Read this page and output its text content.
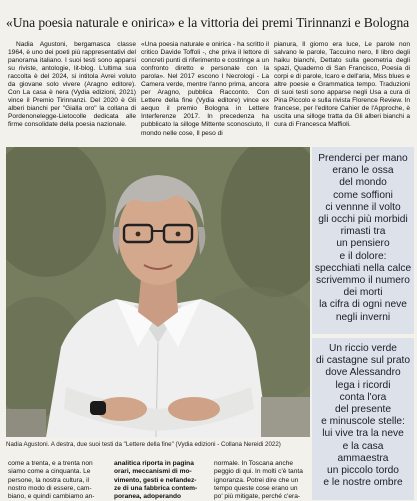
«Una poesia naturale e onirica» e la vittoria dei premi Tirinnanzi e Bologna

Nadia Agustoni, bergamasca classe 1964, è uno dei poeti più rappresentativi del panorama italiano. I suoi testi sono apparsi su riviste, antologie, lit-blog. L'ultima sua raccolta è del 2024, si intitola Avrei voluto da giovane solo vivere (Aragno editore). Con La casa è nera (Vydia edizioni, 2021) vince il Premio Tirinnanzi. Del 2020 è Gli alberi bianchi per "Gialla oro" la collana di Pordenonelegge-Lietocolle dedicata alle firme consolidate della poesia nazionale.

«Una poesia naturale e onirica - ha scritto il critico Davide Toffoli -, che priva il lettore di concreti punti di riferimento e costringe a un confronto diretto e personale con la parola». Nel 2017 escono I Necrologi - La Camera verde, mentre l'anno prima, ancora per Aragno, pubblica Racconto. Con Lettere della fine (Vydia editore) vince ex aequo il premio Bologna in Lettere Interferenze 2017. In precedenza ha pubblicato la silloge Mittente sconosciuto, Il mondo nelle cose, Il peso di

pianura, Il giorno era luce, Le parole non salvano le parole, Taccuino nero, Il libro degli haiku bianchi, Dettato sulla geometria degli spazi, Quaderno di San Francisco, Poesia di corpi e di parole, Icaro e dell'aria, Miss blues e altre poesie e Grammatica tempo. Traduzioni di suoi testi sono apparse negli Usa a cura di Pina Piccolo e sulla rivista Florence Review. In francese, per l'editore Cahier de l'Approche, è uscita una silloge tratta da Gli alberi bianchi a cura di Francesca Maffioli.

Nadia Agustoni. A destra, due suoi testi da "Lettere della fine" (Vydia edizioni - Collana Nereidi 2022)
Prenderci per mano
erano le ossa
del mondo
come soffioni
ci vennne il volto
gli occhi più morbidi
rimasti tra
un pensiero
e il dolore:
specchiati nella calce
scrivemmo il numero
dei morti
la cifra di ogni neve
negli inverni
Un riccio verde
di castagne sul prato
dove Alessandro
lega i ricordi
conta l'ora
del presente
e minuscole stelle:
lui vive tra la neve
e la casa
ammaestra
un piccolo tordo
e le nostre ombre
come a trenta, e a trenta non
siamo come a cinquanta. Le
persone, la nostra cultura, il
nostro modo di essere, cam-
biano, e quindi cambiamo an-
analitica riporta in pagina
orari, meccanismi di mo-
vimento, gesti e nefandez-
ze di una fabbrica contem-
poranea, adoperando
normale. In Toscana anche
peggio di qui. In molti c'è tanta
ignoranza. Potrei dire che un
tempo queste cose erano un
po' più mitigate, perché c'era-
